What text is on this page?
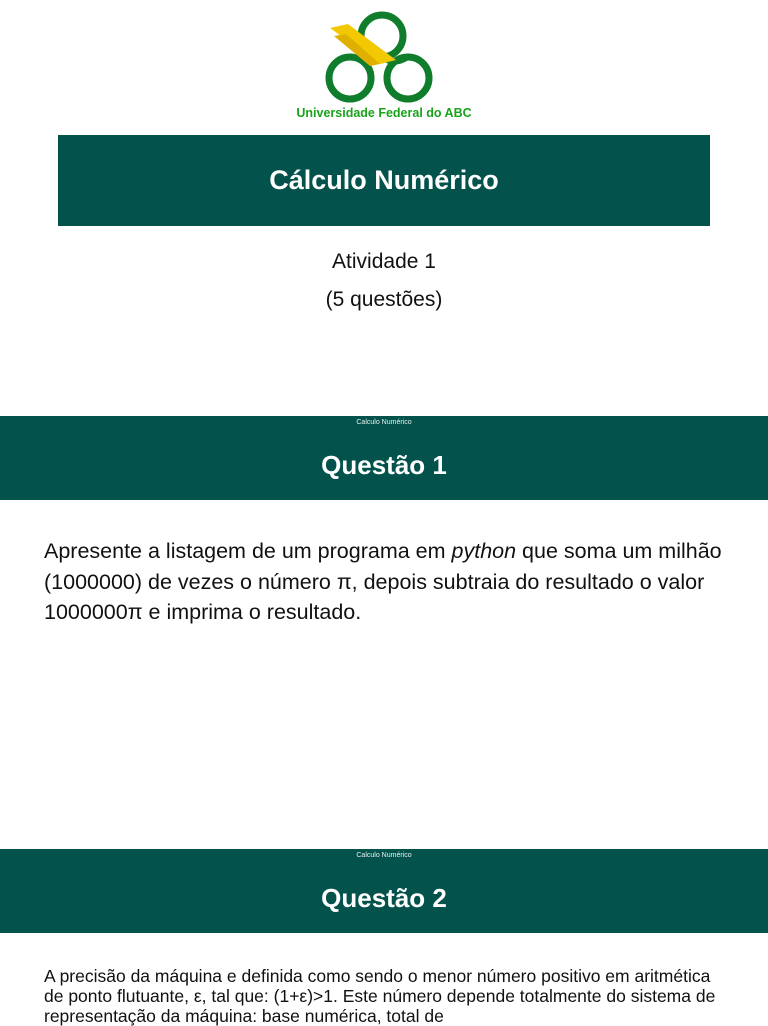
Universidade Federal do ABC
Cálculo Numérico
Atividade 1
(5 questões)
Calculo Numérico
Questão 1
Apresente a listagem de um programa em python que soma um milhão (1000000) de vezes o número π, depois subtraia do resultado o valor 1000000π e imprima o resultado.
Calculo Numérico
Questão 2
A precisão da máquina e definida como sendo o menor número positivo em aritmética de ponto flutuante, ε, tal que: (1+ε)>1. Este número depende totalmente do sistema de representação da máquina: base numérica, total de
